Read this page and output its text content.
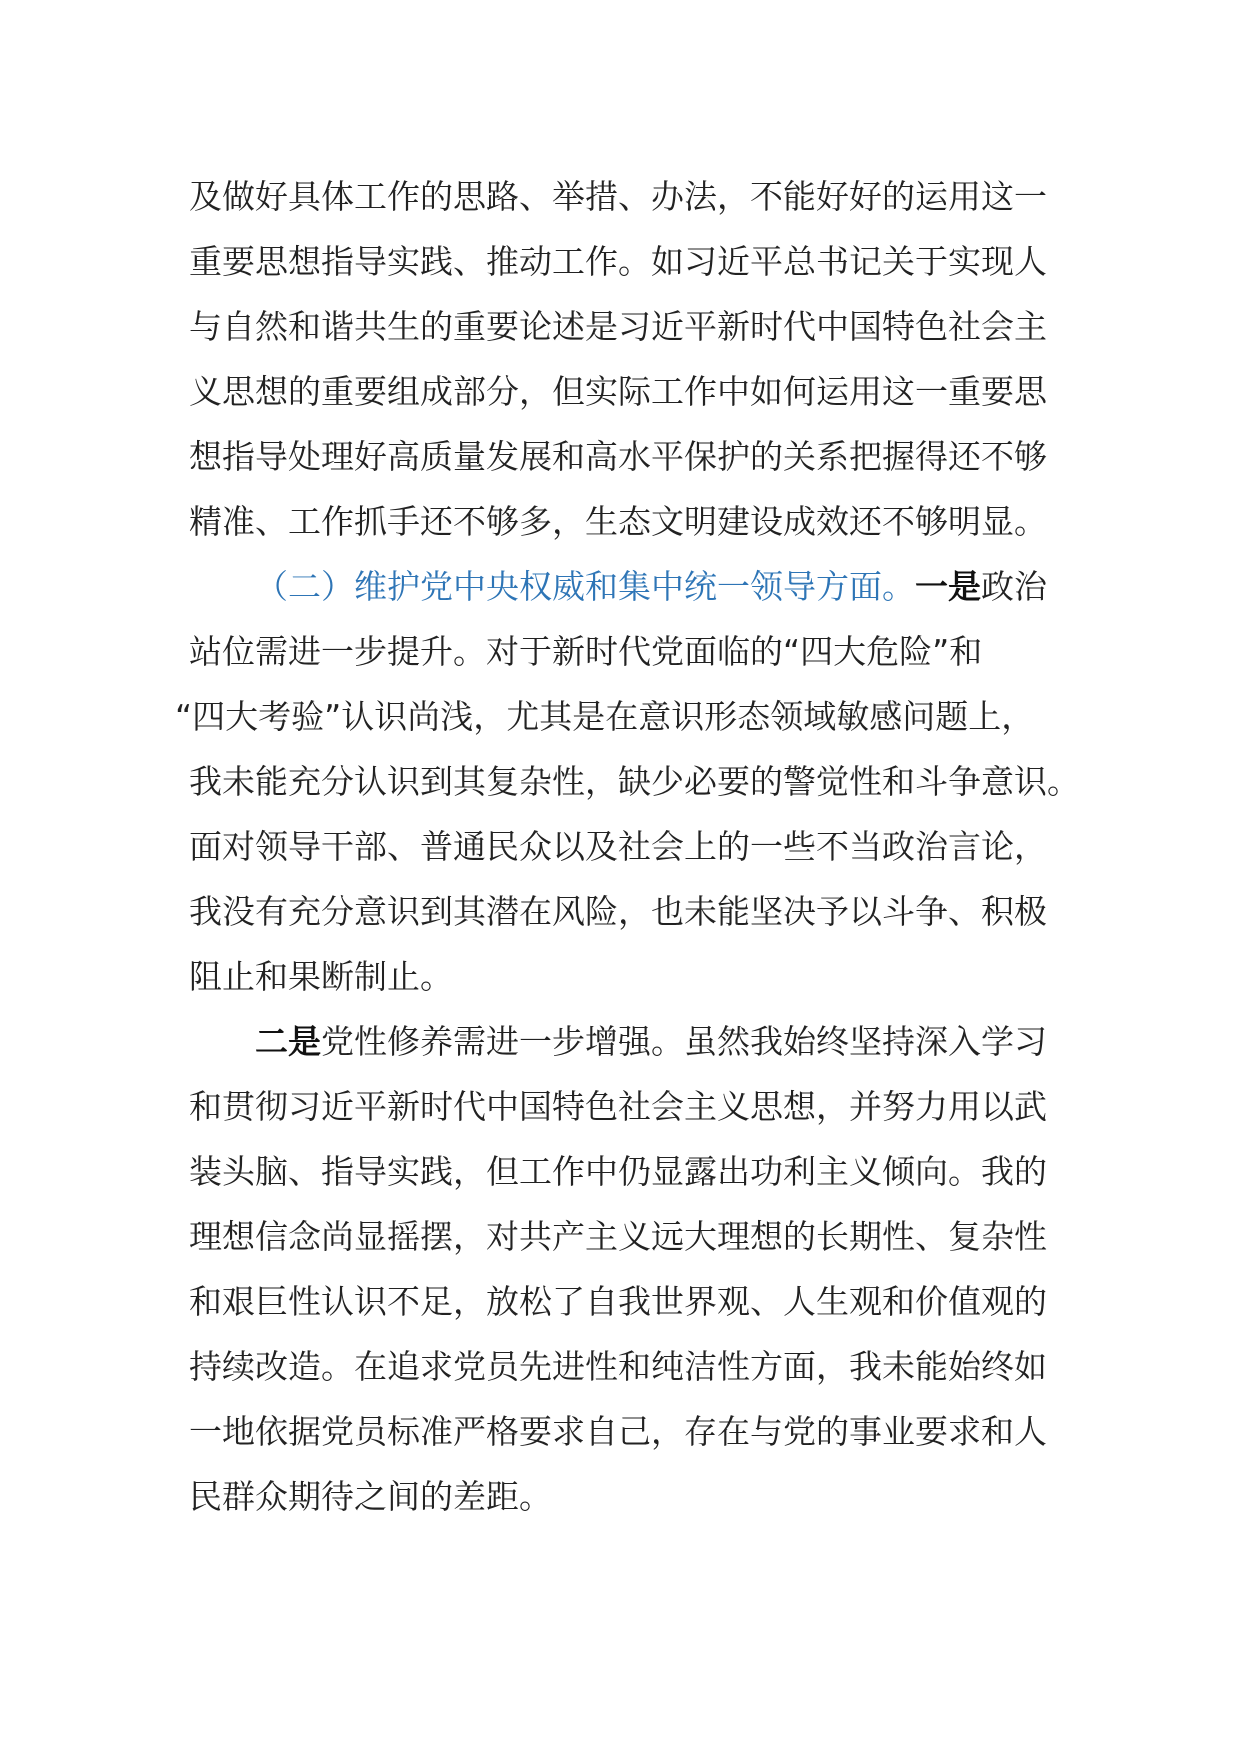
及做好具体工作的思路、举措、办法，不能好好的运用这一
重要思想指导实践、推动工作。如习近平总书记关于实现人
与自然和谐共生的重要论述是习近平新时代中国特色社会主
义思想的重要组成部分，但实际工作中如何运用这一重要思
想指导处理好高质量发展和高水平保护的关系把握得还不够
精准、工作抓手还不够多，生态文明建设成效还不够明显。
（二）维护党中央权威和集中统一领导方面。一是政治
站位需进一步提升。对于新时代党面临的“四大危险”和
“四大考验”认识尚浅，尤其是在意识形态领域敏感问题上，
我未能充分认识到其复杂性，缺少必要的警觉性和斗争意识。
面对领导干部、普通民众以及社会上的一些不当政治言论，
我没有充分意识到其潜在风险，也未能坚决予以斗争、积极
阻止和果断制止。
二是党性修养需进一步增强。虽然我始终坚持深入学习
和贯彻习近平新时代中国特色社会主义思想，并努力用以武
装头脑、指导实践，但工作中仍显露出功利主义倾向。我的
理想信念尚显摇摆，对共产主义远大理想的长期性、复杂性
和艰巨性认识不足，放松了自我世界观、人生观和价值观的
持续改造。在追求党员先进性和纯洁性方面，我未能始终如
一地依据党员标准严格要求自己，存在与党的事业要求和人
民群众期待之间的差距。
